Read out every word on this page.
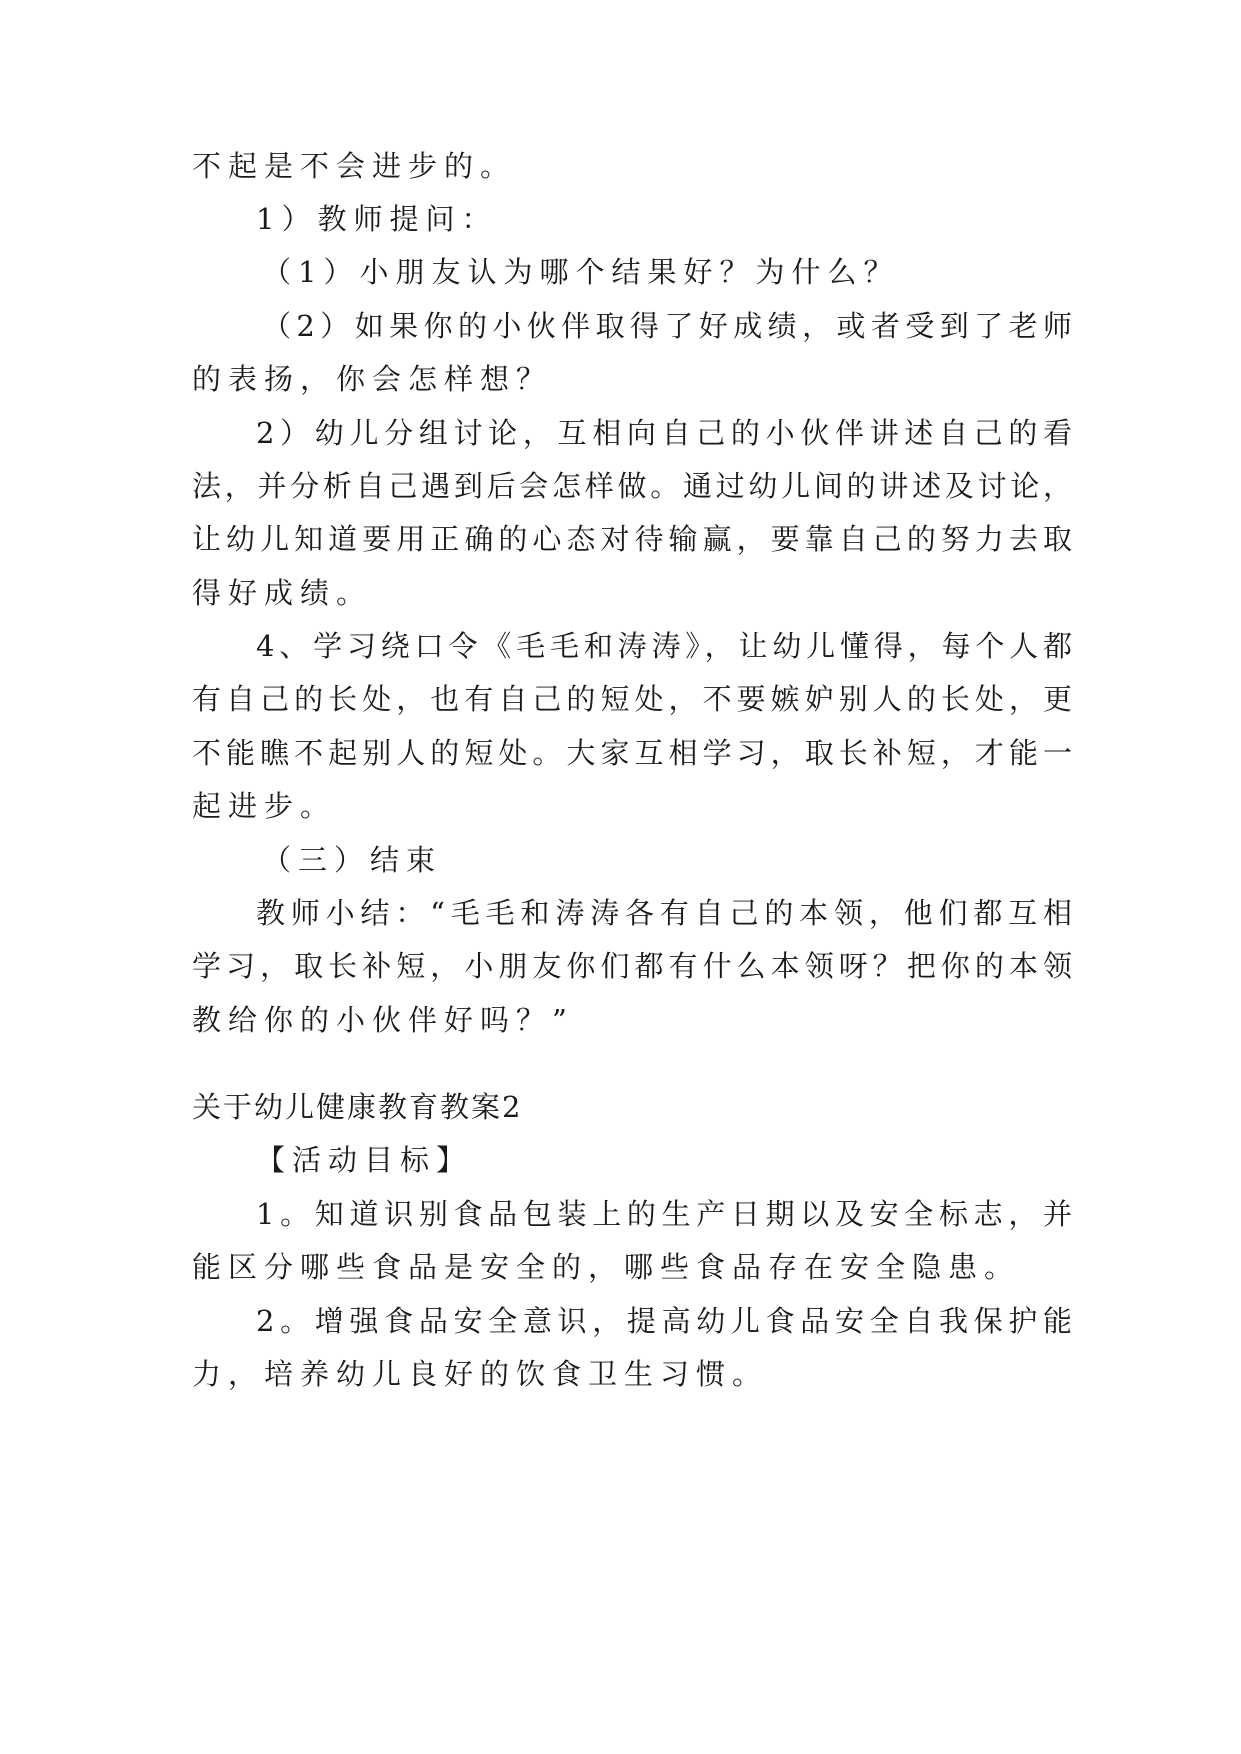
不起是不会进步的。
1）教师提问：
（1）小朋友认为哪个结果好？为什么？
（2）如果你的小伙伴取得了好成绩，或者受到了老师
的表扬，你会怎样想？
2）幼儿分组讨论，互相向自己的小伙伴讲述自己的看
法，并分析自己遇到后会怎样做。通过幼儿间的讲述及讨论，
让幼儿知道要用正确的心态对待输赢，要靠自己的努力去取
得好成绩。
4、学习绕口令《毛毛和涛涛》，让幼儿懂得，每个人都
有自己的长处，也有自己的短处，不要嫉妒别人的长处，更
不能瞧不起别人的短处。大家互相学习，取长补短，才能一
起进步。
（三）结束
教师小结：“毛毛和涛涛各有自己的本领，他们都互相
学习，取长补短，小朋友你们都有什么本领呀？把你的本领
教给你的小伙伴好吗？”
关于幼儿健康教育教案2
【活动目标】
1。知道识别食品包装上的生产日期以及安全标志，并
能区分哪些食品是安全的，哪些食品存在安全隐患。
2。增强食品安全意识，提高幼儿食品安全自我保护能
力，培养幼儿良好的饮食卫生习惯。
